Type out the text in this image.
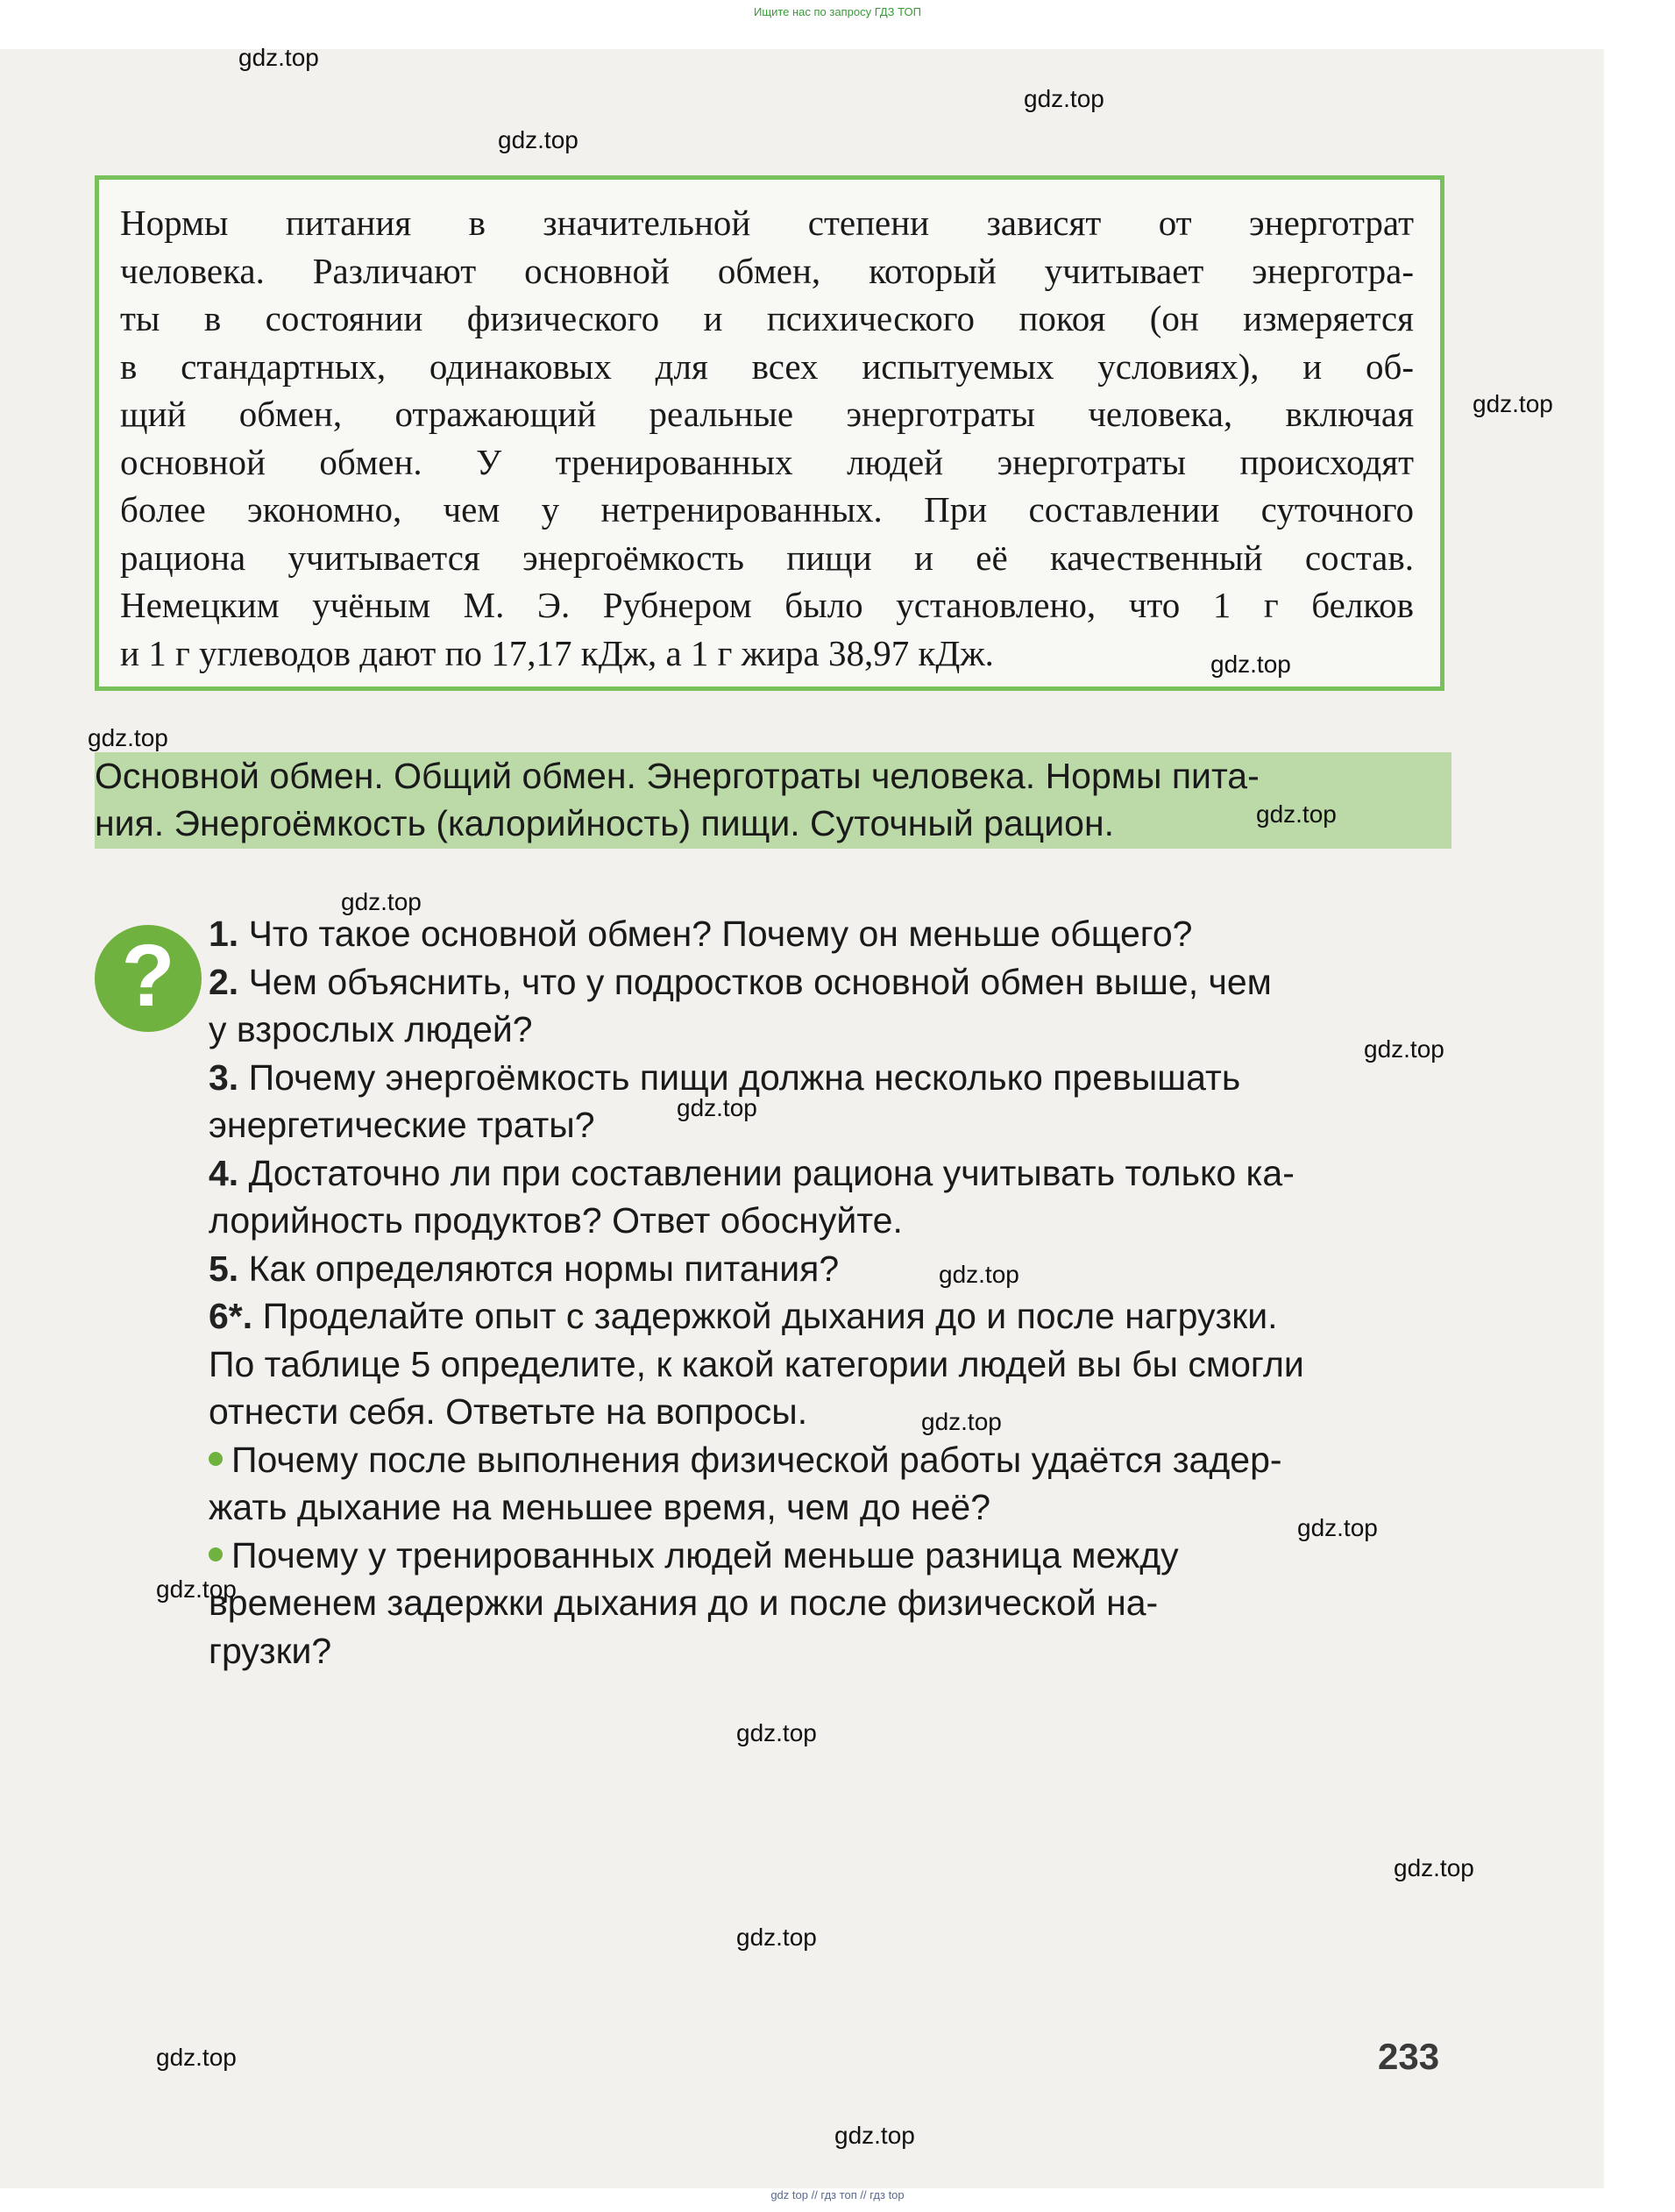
Ищите нас по запросу ГДЗ ТОП
Нормы питания в значительной степени зависят от энерготрат
человека. Различают основной обмен, который учитывает энерготра-
ты в состоянии физического и психического покоя (он измеряется
в стандартных, одинаковых для всех испытуемых условиях), и об-
щий обмен, отражающий реальные энерготраты человека, включая
основной обмен. У тренированных людей энерготраты происходят
более экономно, чем у нетренированных. При составлении суточного
рациона учитывается энергоёмкость пищи и её качественный состав.
Немецким учёным М. Э. Рубнером было установлено, что 1 г белков
и 1 г углеводов дают по 17,17 кДж, а 1 г жира 38,97 кДж.
Основной обмен. Общий обмен. Энерготраты человека. Нормы пита-
ния. Энергоёмкость (калорийность) пищи. Суточный рацион.
? 1. Что такое основной обмен? Почему он меньше общего?
2. Чем объяснить, что у подростков основной обмен выше, чем
у взрослых людей?
3. Почему энергоёмкость пищи должна несколько превышать
энергетические траты?
4. Достаточно ли при составлении рациона учитывать только ка-
лорийность продуктов? Ответ обоснуйте.
5. Как определяются нормы питания?
6*. Проделайте опыт с задержкой дыхания до и после нагрузки.
По таблице 5 определите, к какой категории людей вы бы смогли
отнести себя. Ответьте на вопросы.
Почему после выполнения физической работы удаётся задер-
жать дыхание на меньшее время, чем до неё?
Почему у тренированных людей меньше разница между
временем задержки дыхания до и после физической на-
грузки?
233
gdz.top
gdz.top
gdz.top
gdz.top
gdz.top
gdz.top
gdz.top
gdz.top
gdz.top
gdz.top
gdz.top
gdz.top
gdz.top
gdz.top
gdz.top
gdz.top
gdz.top
gdz.top
gdz.top
gdz top // гдз топ // гдз top
